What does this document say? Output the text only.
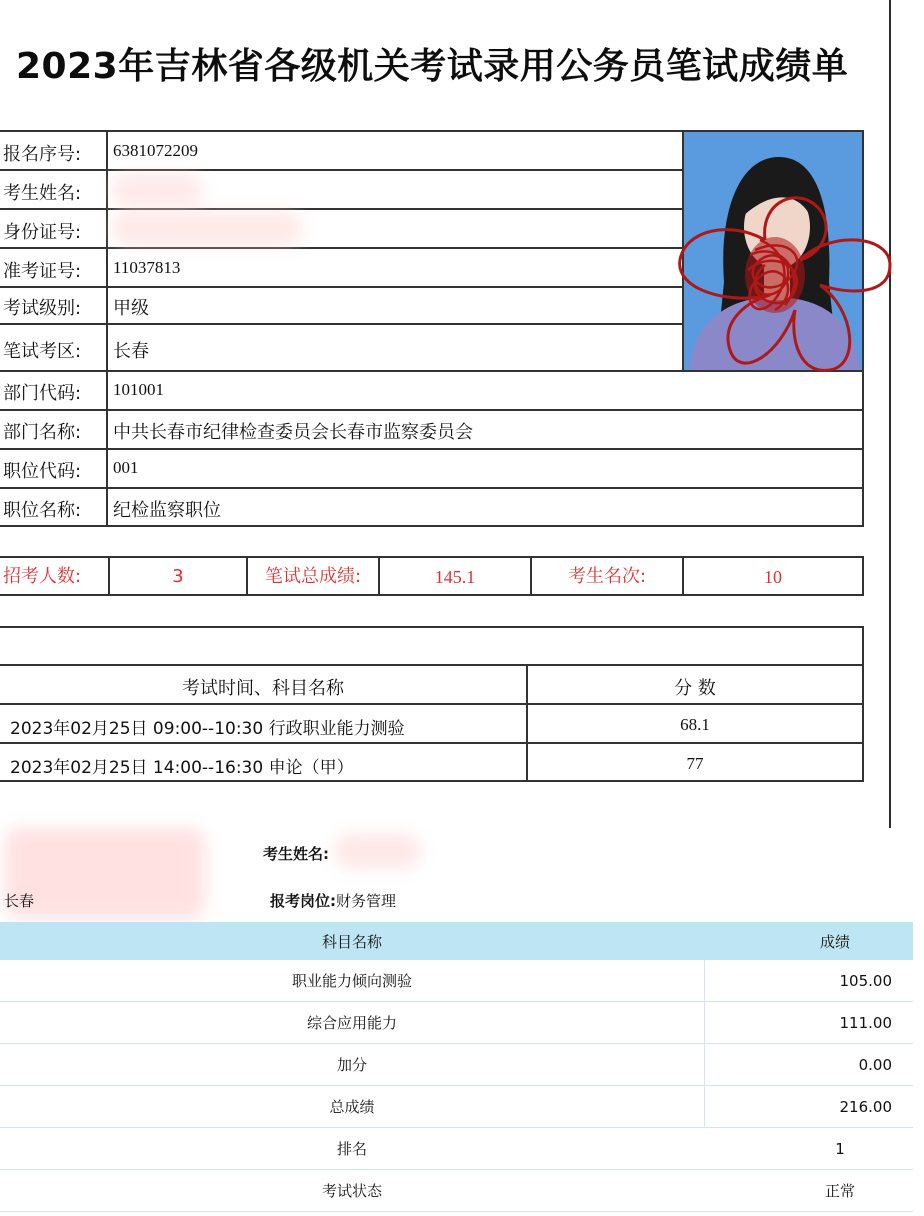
2023年吉林省各级机关考试录用公务员笔试成绩单
报名序号: 6381072209
考生姓名:
身份证号:
准考证号: 11037813
考试级别: 甲级
笔试考区: 长春
部门代码: 101001
部门名称: 中共长春市纪律检查委员会长春市监察委员会
职位代码: 001
职位名称: 纪检监察职位
招考人数:	3	笔试总成绩:	145.1	考生名次:	10
考试时间、科目名称	分 数
2023年02月25日 09:00--10:30 行政职业能力测验	68.1
2023年02月25日 14:00--16:30 申论（甲）	77
考生姓名:
长春	报考岗位:财务管理
科目名称	成绩
职业能力倾向测验	105.00
综合应用能力	111.00
加分	0.00
总成绩	216.00
排名	1
考试状态	正常
